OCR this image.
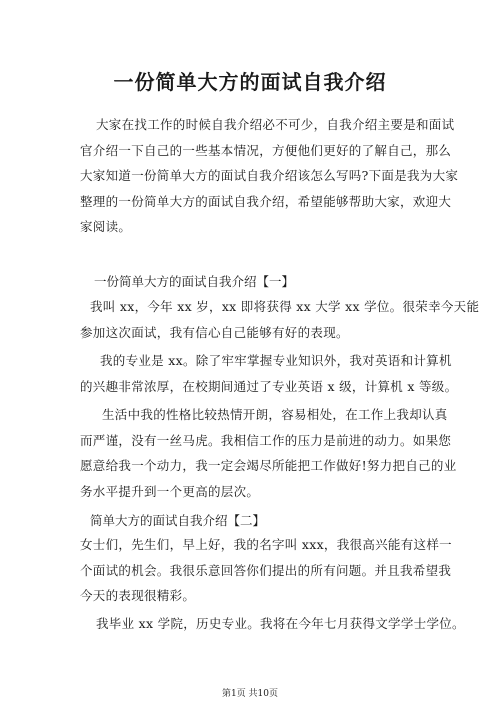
一份简单大方的面试自我介绍

大家在找工作的时候自我介绍必不可少，自我介绍主要是和面试
官介绍一下自己的一些基本情况，方便他们更好的了解自己，那么
大家知道一份简单大方的面试自我介绍该怎么写吗?下面是我为大家
整理的一份简单大方的面试自我介绍，希望能够帮助大家，欢迎大
家阅读。

一份简单大方的面试自我介绍【一】

我叫 xx，今年 xx 岁，xx 即将获得 xx 大学 xx 学位。很荣幸今天能
参加这次面试，我有信心自己能够有好的表现。

我的专业是 xx。除了牢牢掌握专业知识外，我对英语和计算机
的兴趣非常浓厚，在校期间通过了专业英语 x 级，计算机 x 等级。

生活中我的性格比较热情开朗，容易相处，在工作上我却认真
而严谨，没有一丝马虎。我相信工作的压力是前进的动力。如果您
愿意给我一个动力，我一定会竭尽所能把工作做好!努力把自己的业
务水平提升到一个更高的层次。

简单大方的面试自我介绍【二】

女士们，先生们，早上好，我的名字叫 xxx，我很高兴能有这样一
个面试的机会。我很乐意回答你们提出的所有问题。并且我希望我
今天的表现很精彩。

我毕业 xx 学院，历史专业。我将在今年七月获得文学学士学位。

第1页 共10页
